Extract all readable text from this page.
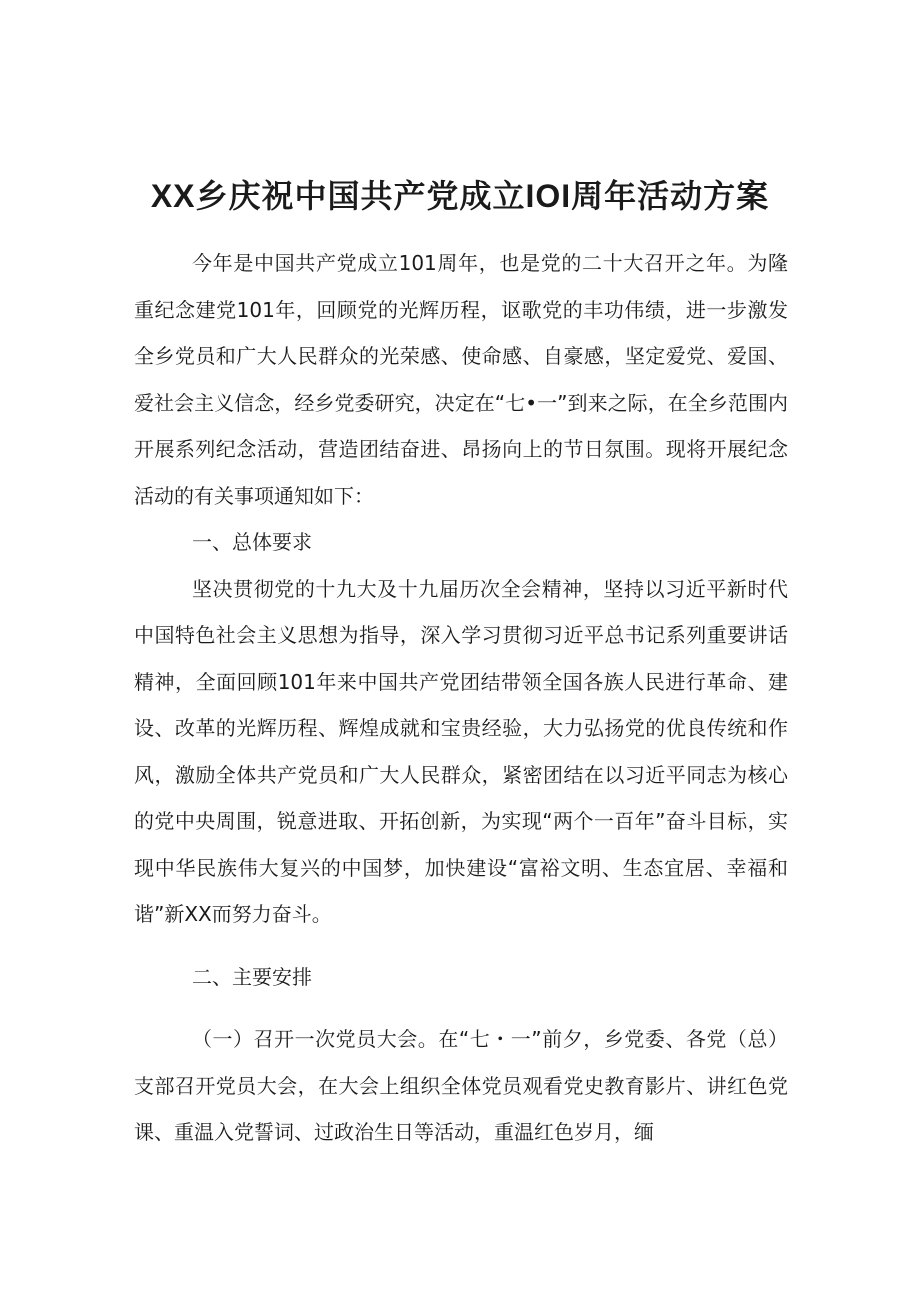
XX乡庆祝中国共产党成立IOI周年活动方案

今年是中国共产党成立101周年，也是党的二十大召开之年。为隆重纪念建党101年，回顾党的光辉历程，讴歌党的丰功伟绩，进一步激发全乡党员和广大人民群众的光荣感、使命感、自豪感，坚定爱党、爱国、爱社会主义信念，经乡党委研究，决定在“七•一”到来之际，在全乡范围内开展系列纪念活动，营造团结奋进、昂扬向上的节日氛围。现将开展纪念活动的有关事项通知如下：

一、总体要求

坚决贯彻党的十九大及十九届历次全会精神，坚持以习近平新时代中国特色社会主义思想为指导，深入学习贯彻习近平总书记系列重要讲话精神，全面回顾101年来中国共产党团结带领全国各族人民进行革命、建设、改革的光辉历程、辉煌成就和宝贵经验，大力弘扬党的优良传统和作风，激励全体共产党员和广大人民群众，紧密团结在以习近平同志为核心的党中央周围，锐意进取、开拓创新，为实现“两个一百年”奋斗目标，实现中华民族伟大复兴的中国梦，加快建设“富裕文明、生态宜居、幸福和谐”新XX而努力奋斗。

二、主要安排

（一）召开一次党员大会。在“七・一”前夕，乡党委、各党（总）支部召开党员大会，在大会上组织全体党员观看党史教育影片、讲红色党课、重温入党誓词、过政治生日等活动，重温红色岁月，缅
